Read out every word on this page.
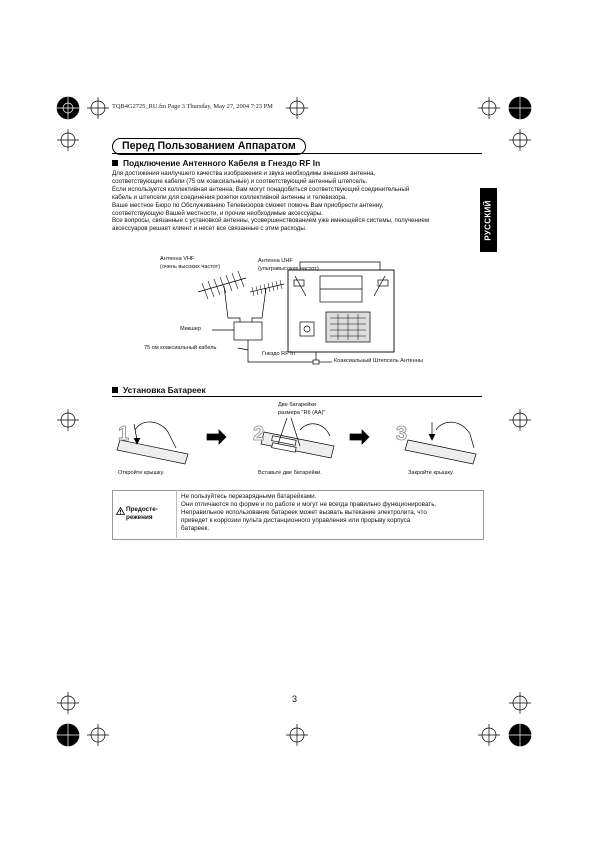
TQB4G2725_RU.fm Page 3 Thursday, May 27, 2004 7:23 PM
Перед Пользованием Аппаратом
РУССКИЙ
Подключение Антенного Кабеля в Гнездо RF In
Для достижения наилучшего качества изображения и звука необходимы внешняя антенна,
соответствующие кабели (75 ом коаксиальные) и соответствующий антенный штепсель.
Если используется коллективная антенна, Вам могут понадобиться соответствующий соединительный
кабель и штепсели для соединения розетки коллективной антенны и телевизора.
Ваше местное Бюро по Обслуживанию Телевизоров сможет помочь Вам приобрести антенну,
соответствующую Вашей местности, и прочие необходимые аксессуары.
Все вопросы, связанные с установкой антенны, усовершенствованием уже имеющейся системы, получением
аксессуаров решает клиент и несет все связанные с этим расходы.
Антенна VHF
(очень высоких частот)
Антенна UHF
(ультравысоких частот)
Микшер
75 ом коаксиальный кабель
Гнездо RF In
Коаксиальный Штепсель Антенны
Установка Батареек
Две батарейки
размера "R6 (AA)"
1	2	3
Откройте крышку.	Вставьте две батарейки.	Закройте крышку
Предосте-
режения
Не пользуйтесь перезарядными батарейками.
Они отличаются по форме и по работе и могут не всегда правильно функционировать.
Неправильное использование батареек может вызвать вытекание электролита, что
приведет к коррозии пульта дистанционного управления или прорыву корпуса
батареек.
3
